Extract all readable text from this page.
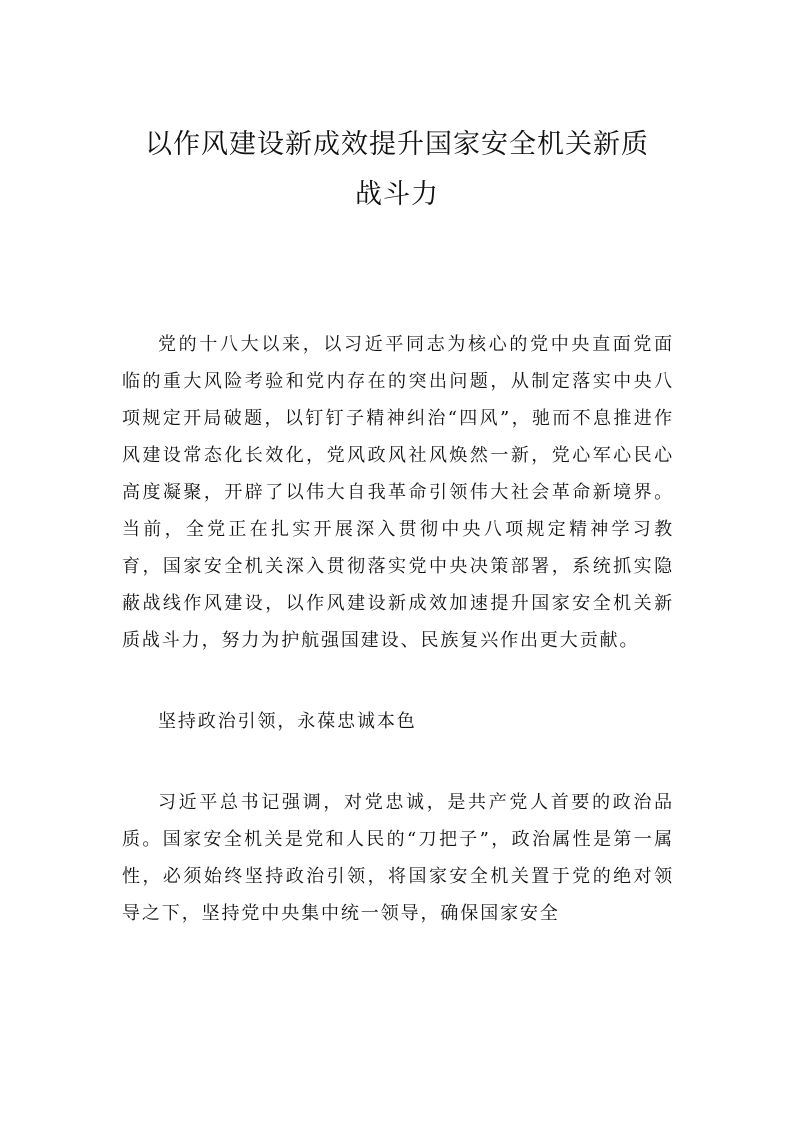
以作风建设新成效提升国家安全机关新质
战斗力

党的十八大以来，以习近平同志为核心的党中央直面党面临的重大风险考验和党内存在的突出问题，从制定落实中央八项规定开局破题，以钉钉子精神纠治“四风”，驰而不息推进作风建设常态化长效化，党风政风社风焕然一新，党心军心民心高度凝聚，开辟了以伟大自我革命引领伟大社会革命新境界。当前，全党正在扎实开展深入贯彻中央八项规定精神学习教育，国家安全机关深入贯彻落实党中央决策部署，系统抓实隐蔽战线作风建设，以作风建设新成效加速提升国家安全机关新质战斗力，努力为护航强国建设、民族复兴作出更大贡献。

坚持政治引领，永葆忠诚本色

习近平总书记强调，对党忠诚，是共产党人首要的政治品质。国家安全机关是党和人民的“刀把子”，政治属性是第一属性，必须始终坚持政治引领，将国家安全机关置于党的绝对领导之下，坚持党中央集中统一领导，确保国家安全
